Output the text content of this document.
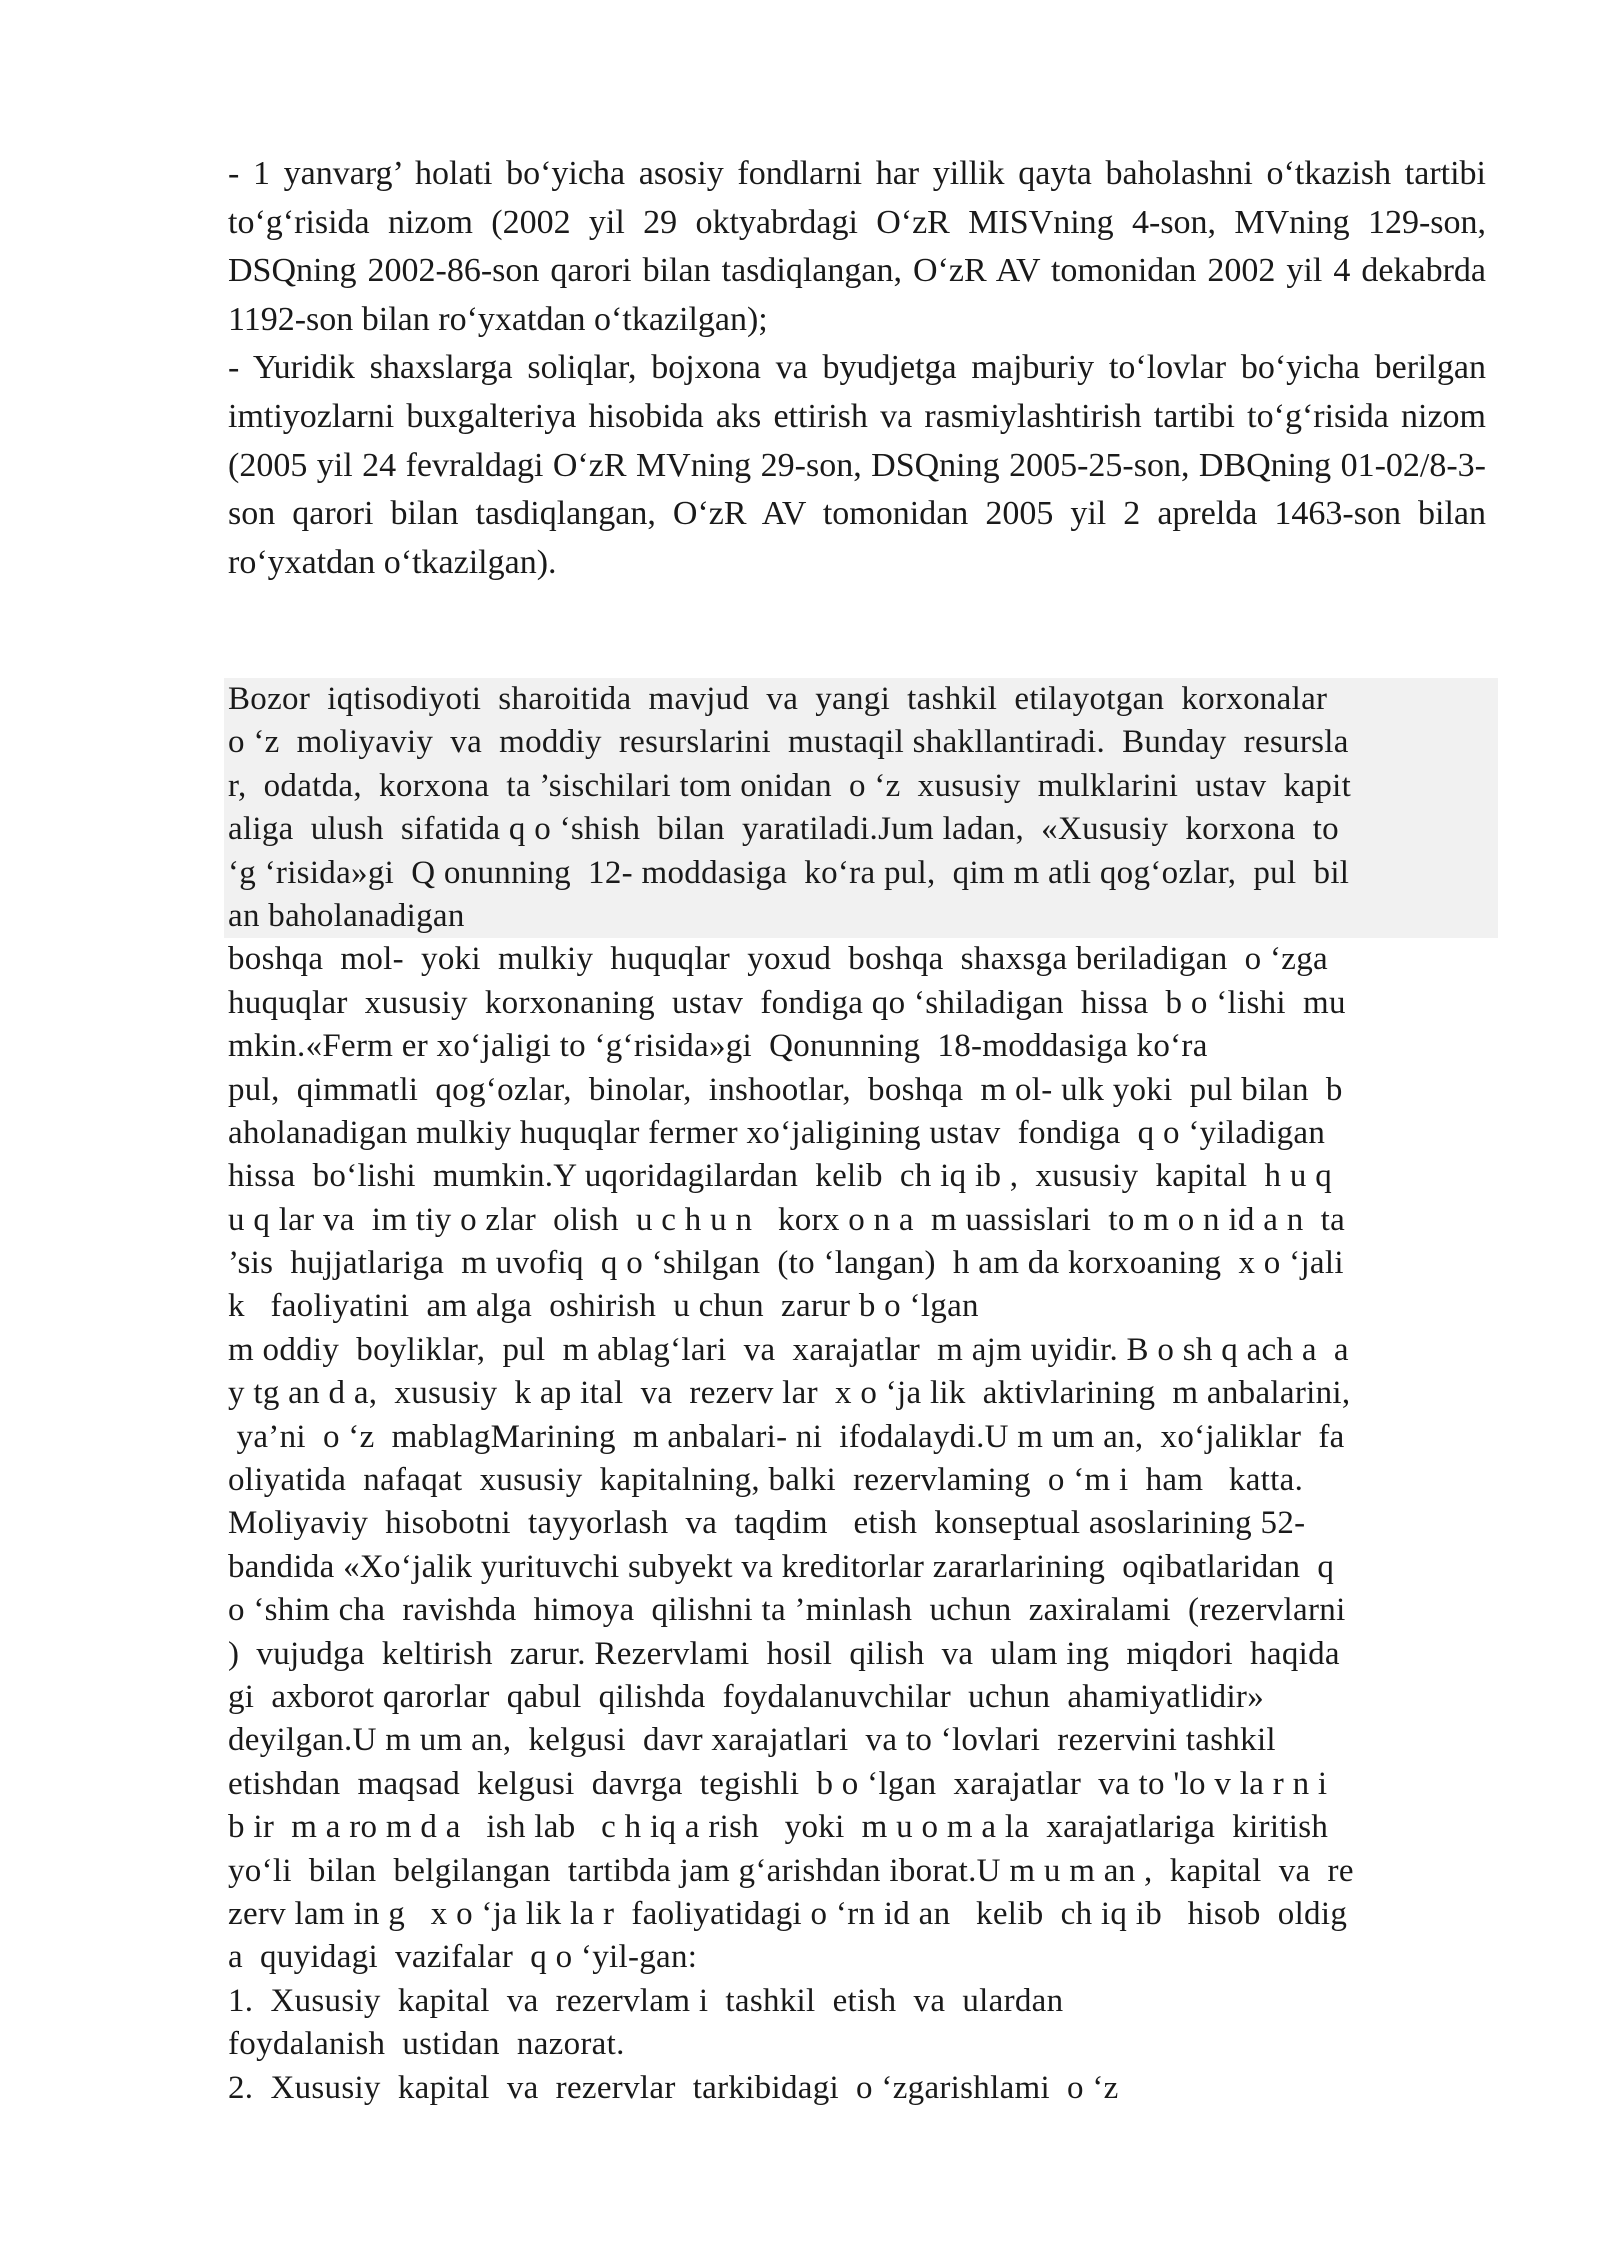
- 1 yanvarg’ holati bo‘yicha asosiy fondlarni har yillik qayta baholashni o‘tkazish tartibi to‘g‘risida nizom (2002 yil 29 oktyabrdagi O‘zR MISVning 4-son, MVning 129-son, DSQning 2002-86-son qarori bilan tasdiqlangan, O‘zR AV tomonidan 2002 yil 4 dekabrda 1192-son bilan ro‘yxatdan o‘tkazilgan);

- Yuridik shaxslarga soliqlar, bojxona va byudjetga majburiy to‘lovlar bo‘yicha berilgan imtiyozlarni buxgalteriya hisobida aks ettirish va rasmiylashtirish tartibi to‘g‘risida nizom (2005 yil 24 fevraldagi O‘zR MVning 29-son, DSQning 2005-25-son, DBQning 01-02/8-3-son qarori bilan tasdiqlangan, O‘zR AV tomonidan 2005 yil 2 aprelda 1463-son bilan ro‘yxatdan o‘tkazilgan).

Bozor  iqtisodiyoti  sharoitida  mavjud  va  yangi  tashkil  etilayotgan  korxonalar
o ‘z  moliyaviy  va  moddiy  resurslarini  mustaqil shakllantiradi.  Bunday  resursla
r,  odatda,  korxona  ta ’sischilari tom onidan  o ‘z  xususiy  mulklarini  ustav  kapit
aliga  ulush  sifatida q o ‘shish  bilan  yaratiladi.Jum ladan,  «Xususiy  korxona  to
‘g ‘risida»gi  Q onunning  12- moddasiga  ko‘ra pul,  qim m atli qog‘ozlar,  pul  bil
an baholanadigan
boshqa  mol-  yoki  mulkiy  huquqlar  yoxud  boshqa  shaxsga beriladigan  o ‘zga
huquqlar  xususiy  korxonaning  ustav  fondiga qo ‘shiladigan  hissa  b o ‘lishi  mu
mkin.«Ferm er xo‘jaligi to ‘g‘risida»gi  Qonunning  18-moddasiga ko‘ra
pul,  qimmatli  qog‘ozlar,  binolar,  inshootlar,  boshqa  m ol- ulk yoki  pul bilan  b
aholanadigan mulkiy huquqlar fermer xo‘jaligining ustav  fondiga  q o ‘yiladigan
hissa  bo‘lishi  mumkin.Y uqoridagilardan  kelib  ch iq ib ,  xususiy  kapital  h u q
u q lar va  im tiy o zlar  olish  u c h u n   korx o n a  m uassislari  to m o n id a n  ta
’sis  hujjatlariga  m uvofiq  q o ‘shilgan  (to ‘langan)  h am da korxoaning  x o ‘jali
k   faoliyatini  am alga  oshirish  u chun  zarur b o ‘lgan
m oddiy  boyliklar,  pul  m ablag‘lari  va  xarajatlar  m ajm uyidir. B o sh q ach a  a
y tg an d a,  xususiy  k ap ital  va  rezerv lar  x o ‘ja lik  aktivlarining  m anbalarini,
ya’ni  o ‘z  mablagMarining  m anbalari- ni  ifodalaydi.U m um an,  xo‘jaliklar  fa
oliyatida  nafaqat  xususiy  kapitalning, balki  rezervlaming  o ‘m i  ham   katta.
Moliyaviy  hisobotni  tayyorlash  va  taqdim   etish  konseptual asoslarining 52-
bandida «Xo‘jalik yurituvchi subyekt va kreditorlar zararlarining  oqibatlaridan  q
o ‘shim cha  ravishda  himoya  qilishni ta ’minlash  uchun  zaxiralami  (rezervlarni
)  vujudga  keltirish  zarur. Rezervlami  hosil  qilish  va  ulam ing  miqdori  haqida
gi  axborot qarorlar  qabul  qilishda  foydalanuvchilar  uchun  ahamiyatlidir»
deyilgan.U m um an,  kelgusi  davr xarajatlari  va to ‘lovlari  rezervini tashkil
etishdan  maqsad  kelgusi  davrga  tegishli  b o ‘lgan  xarajatlar  va to 'lo v la r n i
b ir  m a ro m d a   ish lab   c h iq a rish   yoki  m u o m a la  xarajatlariga  kiritish
yo‘li  bilan  belgilangan  tartibda jam g‘arishdan iborat.U m u m an ,  kapital  va  re
zerv lam in g   x o ‘ja lik la r  faoliyatidagi o ‘rn id an   kelib  ch iq ib   hisob  oldig
a  quyidagi  vazifalar  q o ‘yil-gan:
1.  Xususiy  kapital  va  rezervlam i  tashkil  etish  va  ulardan
foydalanish  ustidan  nazorat.
2.  Xususiy  kapital  va  rezervlar  tarkibidagi  o ‘zgarishlami  o ‘z
